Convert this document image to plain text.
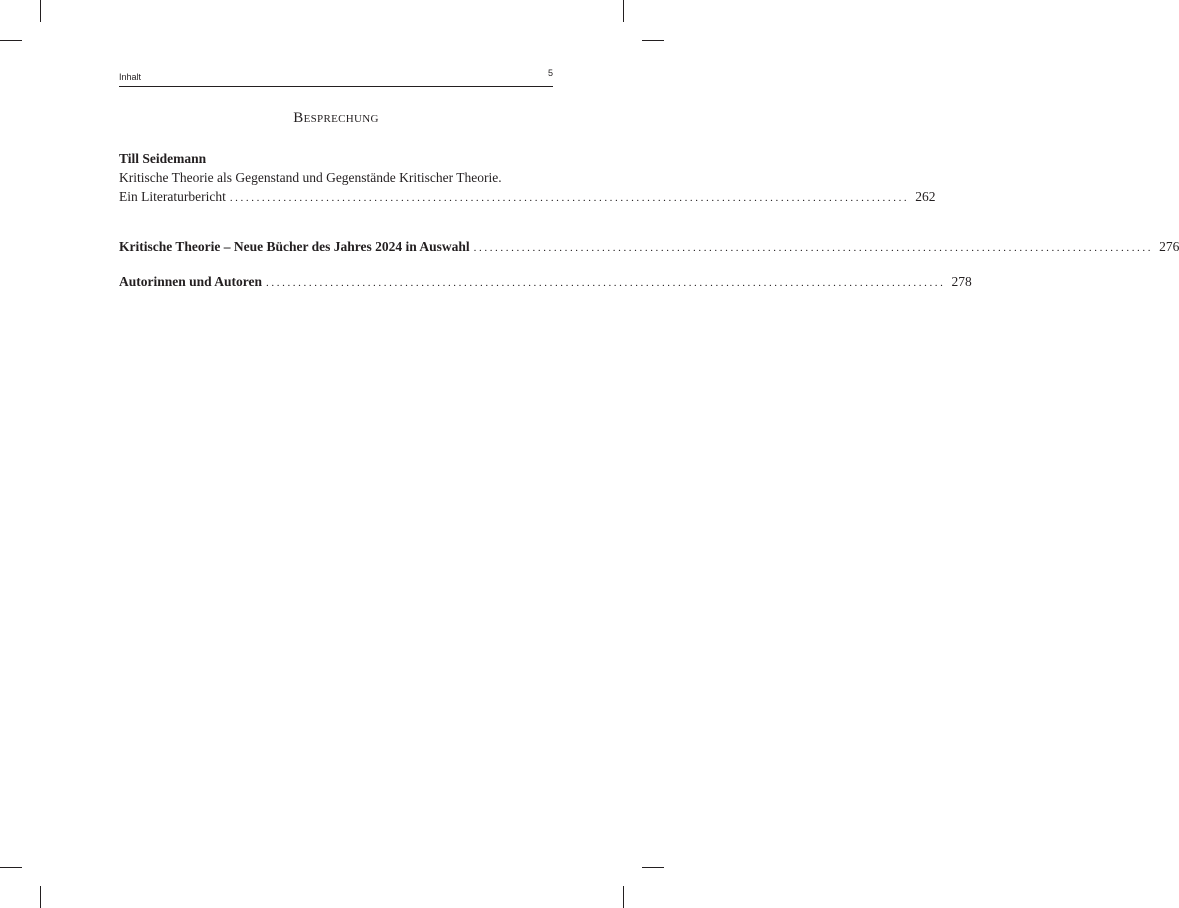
Inhalt	5
Besprechung
Till Seidemann
Kritische Theorie als Gegenstand und Gegenstände Kritischer Theorie.
Ein Literaturbericht ............................................................................................................................... 262
Kritische Theorie – Neue Bücher des Jahres 2024 in Auswahl ............................................................................................................................... 276
Autorinnen und Autoren ............................................................................................................................... 278
